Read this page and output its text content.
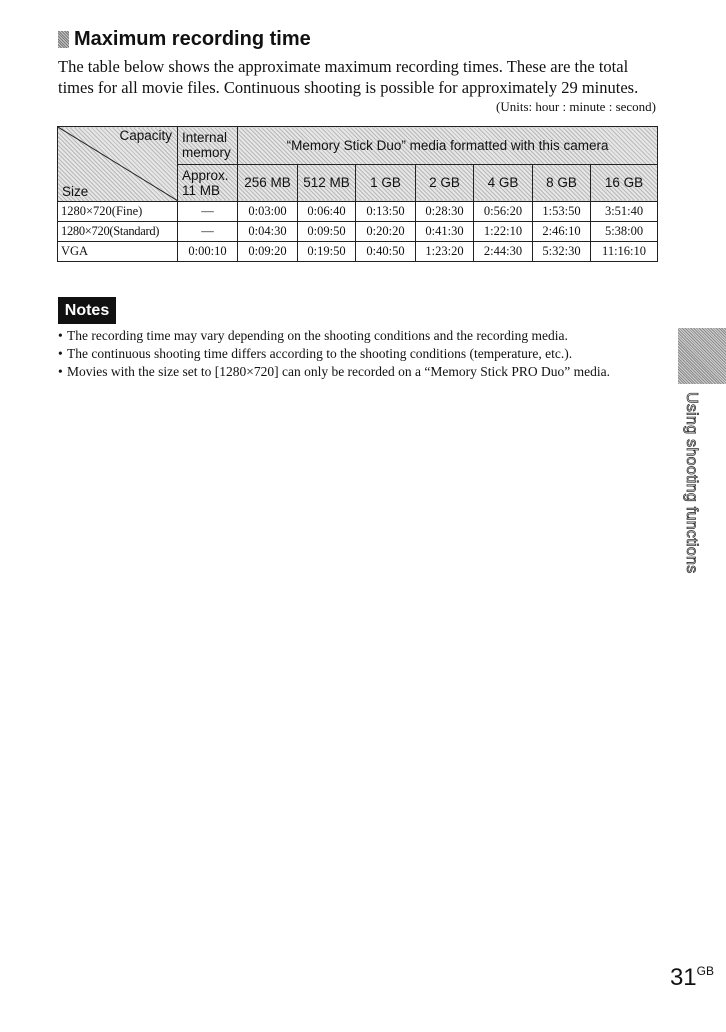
Maximum recording time
The table below shows the approximate maximum recording times. These are the total times for all movie files. Continuous shooting is possible for approximately 29 minutes.
(Units: hour : minute : second)
Capacity
Size	Internal memory	“Memory Stick Duo” media formatted with this camera						
	Approx. 11 MB	256 MB	512 MB	1 GB	2 GB	4 GB	8 GB	16 GB
1280×720(Fine)	—	0:03:00	0:06:40	0:13:50	0:28:30	0:56:20	1:53:50	3:51:40
1280×720(Standard)	—	0:04:30	0:09:50	0:20:20	0:41:30	1:22:10	2:46:10	5:38:00
VGA	0:00:10	0:09:20	0:19:50	0:40:50	1:23:20	2:44:30	5:32:30	11:16:10
Notes
• The recording time may vary depending on the shooting conditions and the recording media.
• The continuous shooting time differs according to the shooting conditions (temperature, etc.).
• Movies with the size set to [1280×720] can only be recorded on a “Memory Stick PRO Duo” media.
Using shooting functions
$31^{GB}$
